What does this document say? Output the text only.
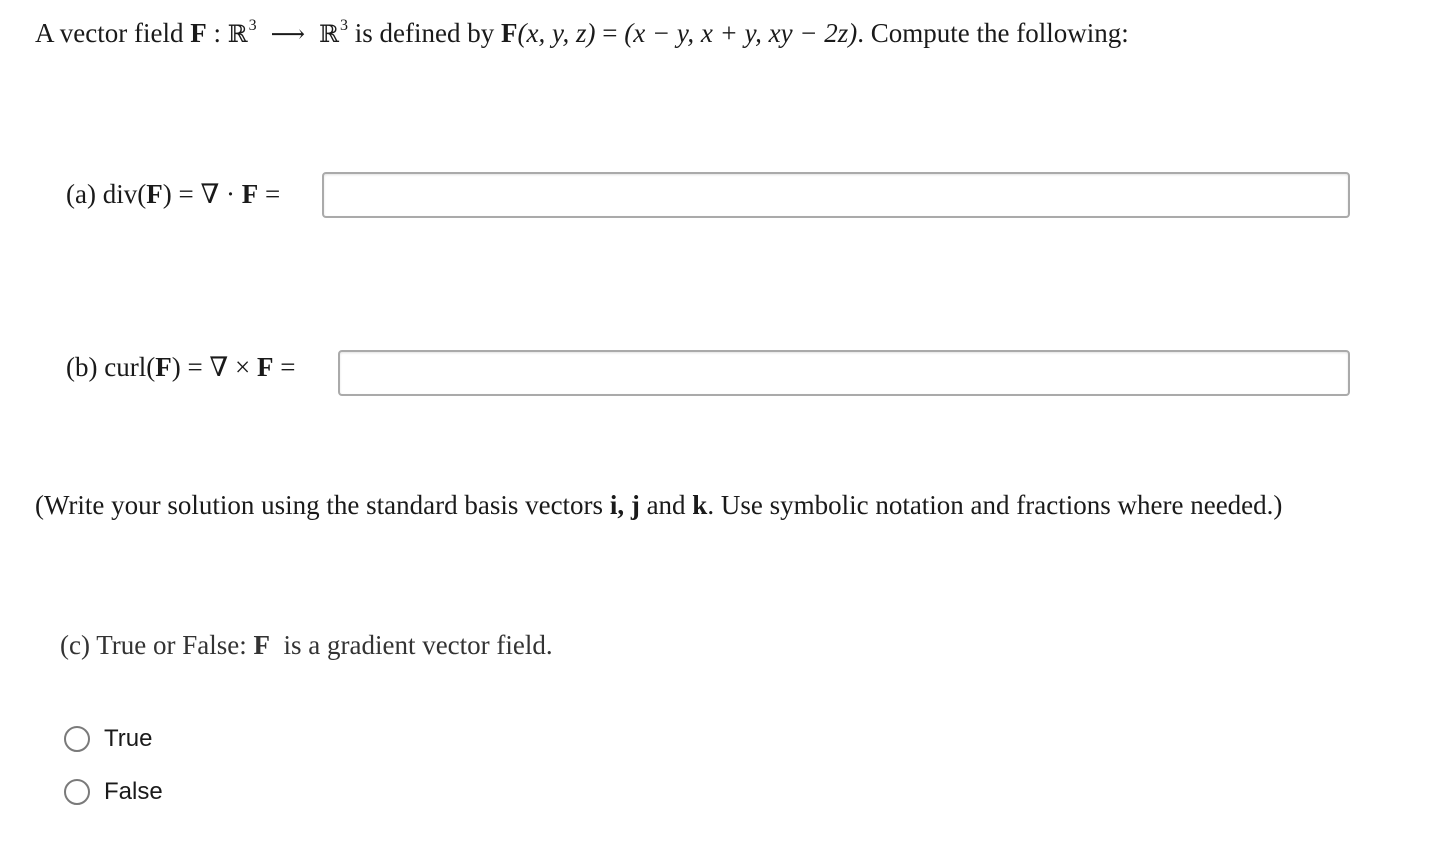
A vector field F : ℝ$^3$ ⟶ ℝ$^3$ is defined by F(x, y, z) = (x − y, x + y, xy − 2z). Compute the following:
(a) div(F) = ∇ · F =
(b) curl(F) = ∇ × F =
(Write your solution using the standard basis vectors i, j and k. Use symbolic notation and fractions where needed.)
(c) True or False: F  is a gradient vector field.
True
False
